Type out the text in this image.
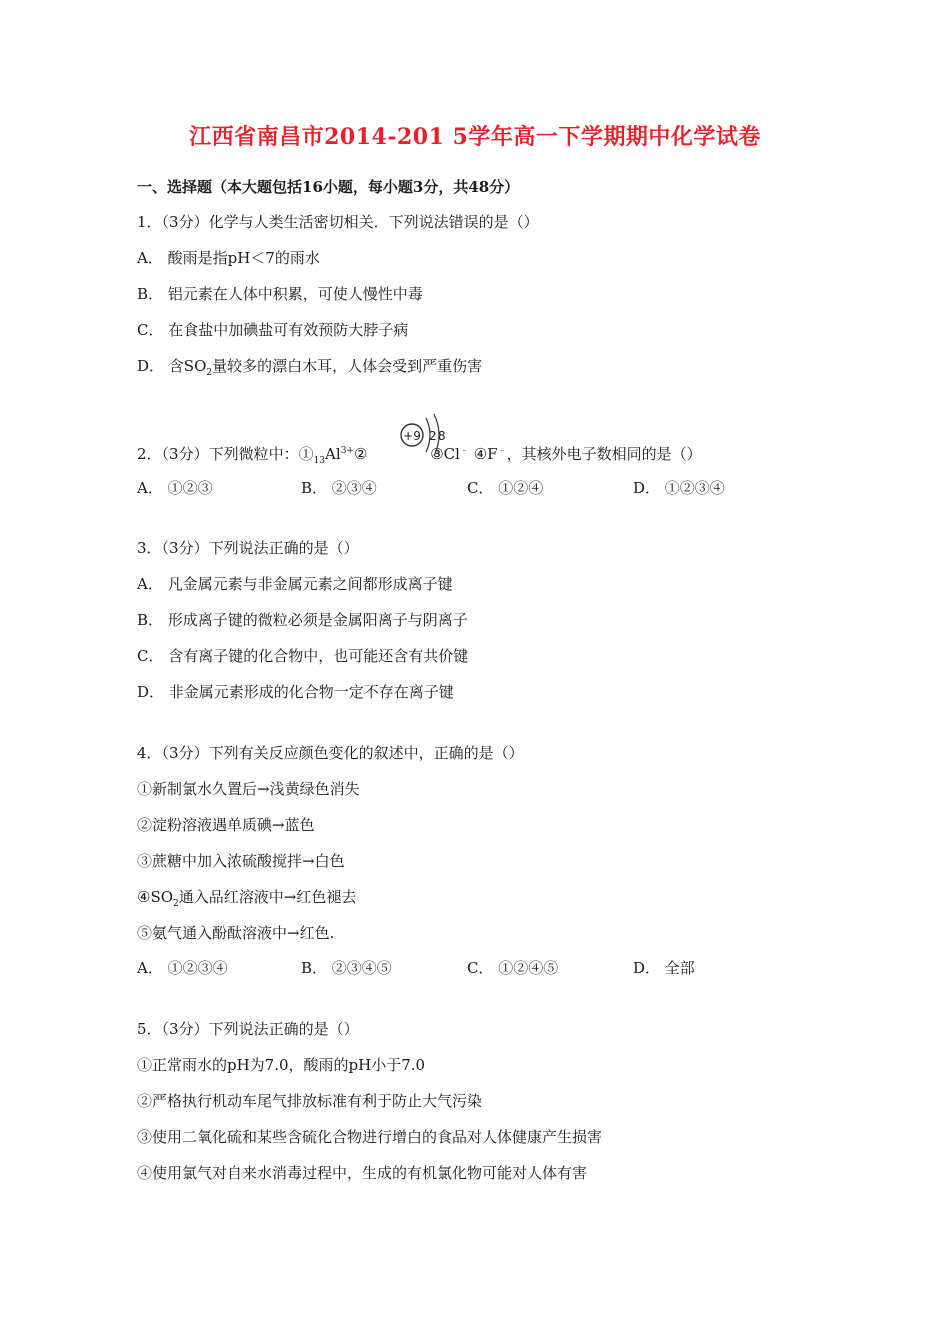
江西省南昌市2014-201 5学年高一下学期期中化学试卷
一、选择题（本大题包括16小题，每小题3分，共48分）
1．（3分）化学与人类生活密切相关．下列说法错误的是（）
A． 酸雨是指pH＜7的雨水
B． 铝元素在人体中积累，可使人慢性中毒
C． 在食盐中加碘盐可有效预防大脖子病
D． 含$SO_2$量较多的漂白木耳，人体会受到严重伤害
2．（3分）下列微粒中：$①_{13}Al^{3+}②$	③Cl﹣ ④F﹣，其核外电子数相同的是（）
+9 2 8
A． ①②③	B． ②③④	C． ①②④	D． ①②③④
3．（3分）下列说法正确的是（）
A． 凡金属元素与非金属元素之间都形成离子键
B． 形成离子键的微粒必须是金属阳离子与阴离子
C． 含有离子键的化合物中，也可能还含有共价键
D． 非金属元素形成的化合物一定不存在离子键
4．（3分）下列有关反应颜色变化的叙述中，正确的是（）
①新制氯水久置后→浅黄绿色消失
②淀粉溶液遇单质碘→蓝色
③蔗糖中加入浓硫酸搅拌→白色
$④SO_2$通入品红溶液中→红色褪去
⑤氨气通入酚酞溶液中→红色.
A． ①②③④	B． ②③④⑤	C． ①②④⑤	D． 全部
5．（3分）下列说法正确的是（）
①正常雨水的pH为7.0，酸雨的pH小于7.0
②严格执行机动车尾气排放标准有利于防止大气污染
③使用二氧化硫和某些含硫化合物进行增白的食品对人体健康产生损害
④使用氯气对自来水消毒过程中，生成的有机氯化物可能对人体有害
